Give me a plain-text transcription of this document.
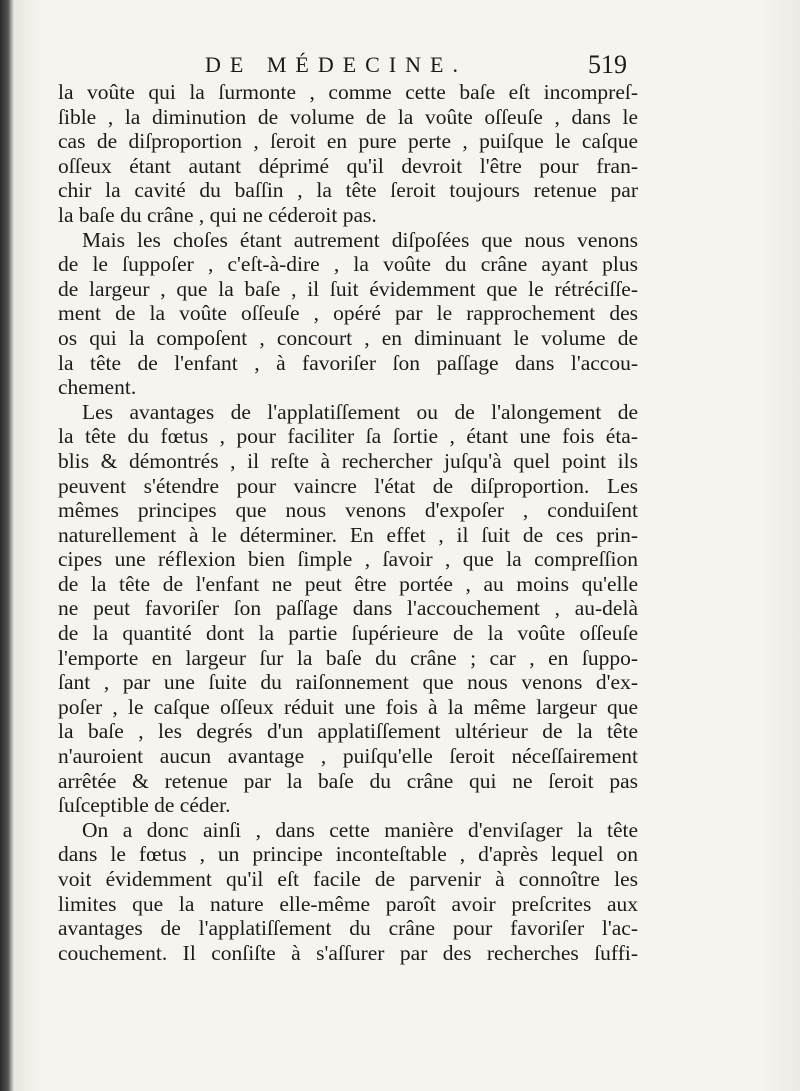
DE MÉDECINE.	519
la voûte qui la ſurmonte , comme cette baſe eſt incompreſ-
ſible , la diminution de volume de la voûte oſſeuſe , dans le
cas de diſproportion , ſeroit en pure perte , puiſque le caſque
oſſeux étant autant déprimé qu'il devroit l'être pour fran-
chir la cavité du baſſin , la tête ſeroit toujours retenue par
la baſe du crâne , qui ne céderoit pas.
Mais les choſes étant autrement diſpoſées que nous venons
de le ſuppoſer , c'eſt-à-dire , la voûte du crâne ayant plus
de largeur , que la baſe , il ſuit évidemment que le rétréciſſe-
ment de la voûte oſſeuſe , opéré par le rapprochement des
os qui la compoſent , concourt , en diminuant le volume de
la tête de l'enfant , à favoriſer ſon paſſage dans l'accou-
chement.
Les avantages de l'applatiſſement ou de l'alongement de
la tête du fœtus , pour faciliter ſa ſortie , étant une fois éta-
blis & démontrés , il reſte à rechercher juſqu'à quel point ils
peuvent s'étendre pour vaincre l'état de diſproportion. Les
mêmes principes que nous venons d'expoſer , conduiſent
naturellement à le déterminer. En effet , il ſuit de ces prin-
cipes une réflexion bien ſimple , ſavoir , que la compreſſion
de la tête de l'enfant ne peut être portée , au moins qu'elle
ne peut favoriſer ſon paſſage dans l'accouchement , au-delà
de la quantité dont la partie ſupérieure de la voûte oſſeuſe
l'emporte en largeur ſur la baſe du crâne ; car , en ſuppo-
ſant , par une ſuite du raiſonnement que nous venons d'ex-
poſer , le caſque oſſeux réduit une fois à la même largeur que
la baſe , les degrés d'un applatiſſement ultérieur de la tête
n'auroient aucun avantage , puiſqu'elle ſeroit néceſſairement
arrêtée & retenue par la baſe du crâne qui ne ſeroit pas
ſuſceptible de céder.
On a donc ainſi , dans cette manière d'enviſager la tête
dans le fœtus , un principe inconteſtable , d'après lequel on
voit évidemment qu'il eſt facile de parvenir à connoître les
limites que la nature elle-même paroît avoir preſcrites aux
avantages de l'applatiſſement du crâne pour favoriſer l'ac-
couchement. Il conſiſte à s'aſſurer par des recherches ſuffi-
